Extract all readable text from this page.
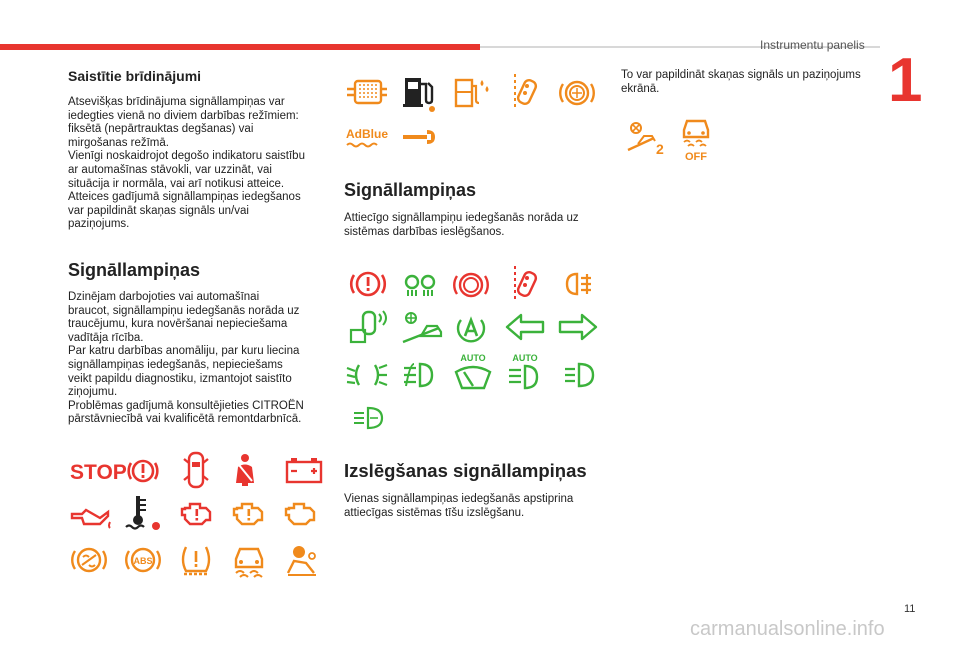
Instrumentu panelis
1
Saistītie brīdinājumi

Atsevišķas brīdinājuma signāllampiņas var
iedegties vienā no diviem darbības režīmiem:
fiksētā (nepārtrauktas degšanas) vai
mirgošanas režīmā.
Vienīgi noskaidrojot degošo indikatoru saistību
ar automašīnas stāvokli, var uzzināt, vai
situācija ir normāla, vai arī notikusi atteice.
Atteices gadījumā signāllampiņas iedegšanos
var papildināt skaņas signāls un/vai
paziņojums.

Signāllampiņas

Dzinējam darbojoties vai automašīnai
braucot, signāllampiņu iedegšanās norāda uz
traucējumu, kura novēršanai nepieciešama
vadītāja rīcība.
Par katru darbības anomāliju, par kuru liecina
signāllampiņas iedegšanās, nepieciešams
veikt papildu diagnostiku, izmantojot saistīto
ziņojumu.
Problēmas gadījumā konsultējieties CITROËN
pārstāvniecībā vai kvalificētā remontdarbnīcā.

STOP
ABS
AdBlue
Signāllampiņas

Attiecīgo signāllampiņu iedegšanās norāda uz
sistēmas darbības ieslēgšanos.

AUTO	AUTO
Izslēgšanas signāllampiņas

Vienas signāllampiņas iedegšanās apstiprina
attiecīgas sistēmas tīšu izslēgšanu.

To var papildināt skaņas signāls un paziņojums
ekrānā.

2 OFF
11
carmanualsonline.info
